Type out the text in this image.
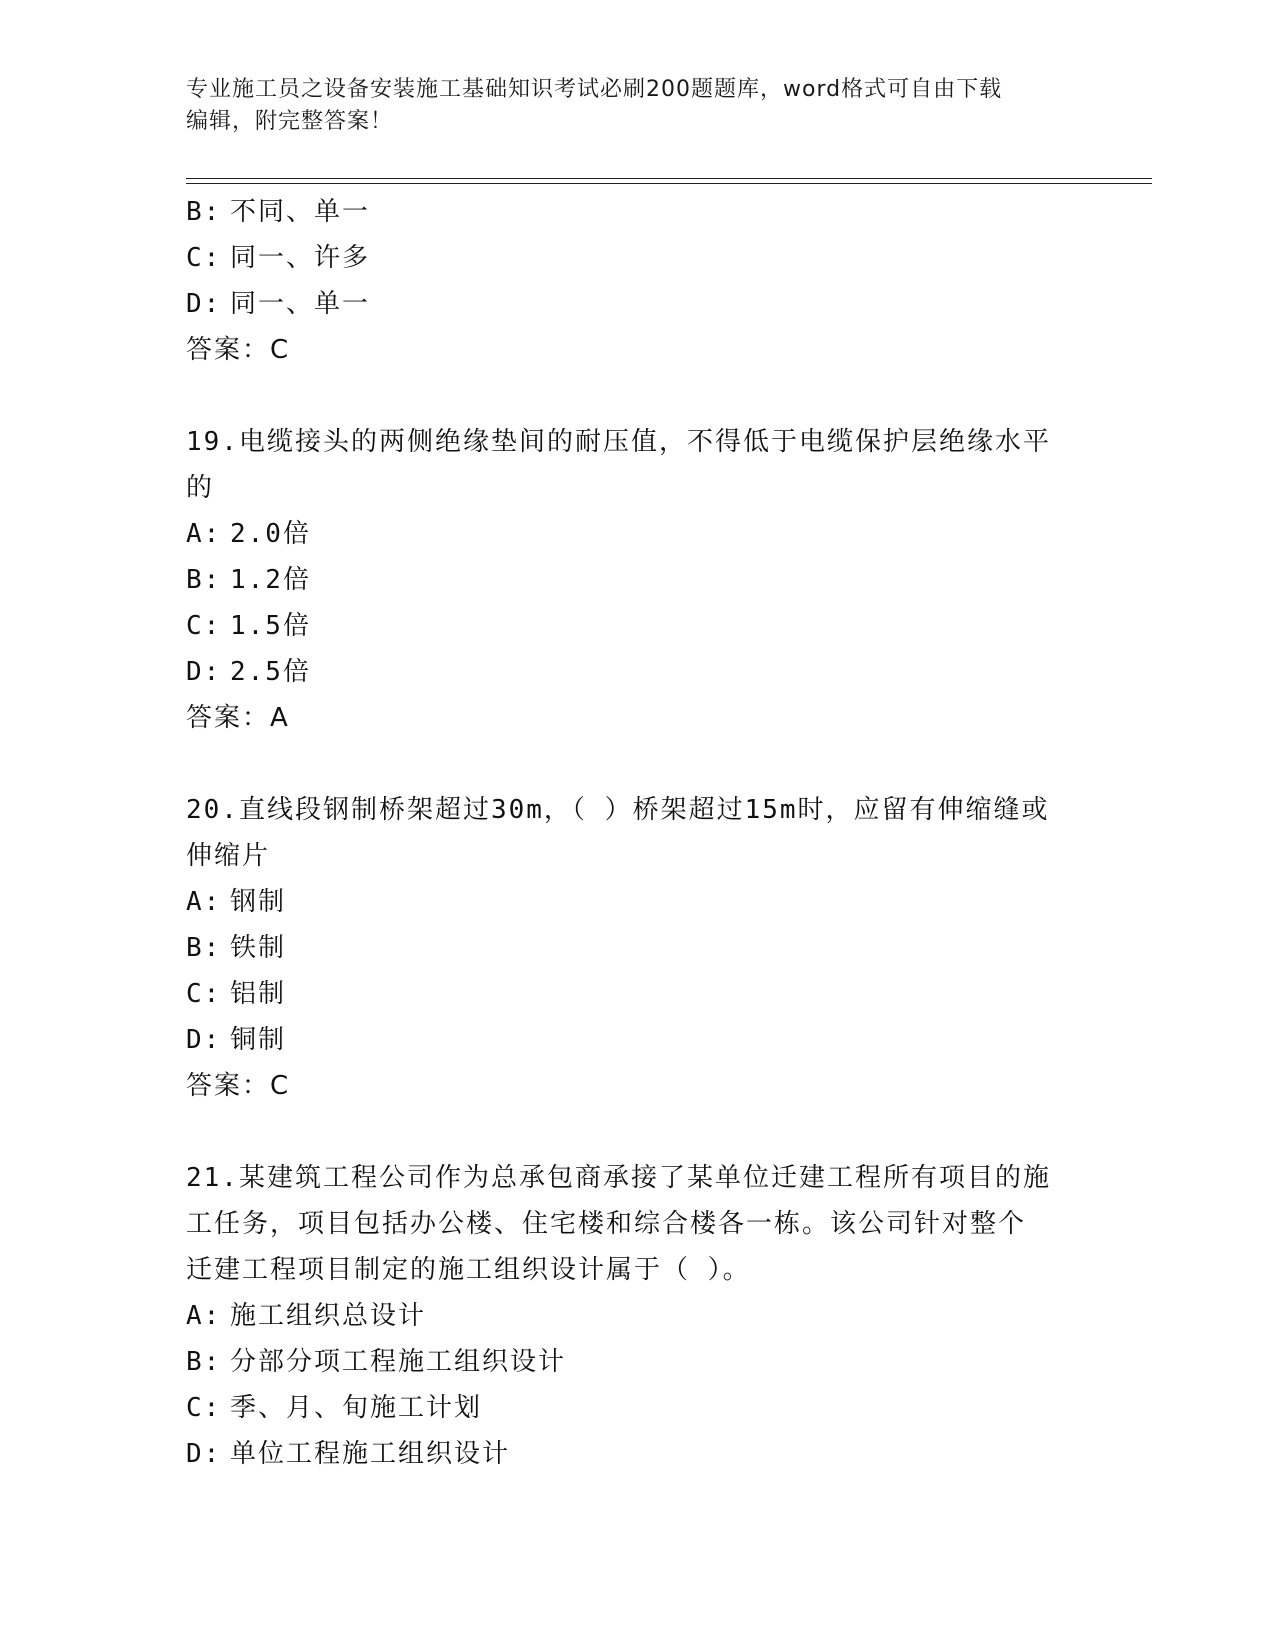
专业施工员之设备安装施工基础知识考试必刷200题题库，word格式可自由下载
编辑，附完整答案！
B: 不同、单一
C: 同一、许多
D: 同一、单一
答案：C
19.电缆接头的两侧绝缘垫间的耐压值，不得低于电缆保护层绝缘水平
的
A: 2.0倍
B: 1.2倍
C: 1.5倍
D: 2.5倍
答案：A
20.直线段钢制桥架超过30m，（ ）桥架超过15m时，应留有伸缩缝或
伸缩片
A: 钢制
B: 铁制
C: 铝制
D: 铜制
答案：C
21.某建筑工程公司作为总承包商承接了某单位迁建工程所有项目的施
工任务，项目包括办公楼、住宅楼和综合楼各一栋。该公司针对整个
迁建工程项目制定的施工组织设计属于（ ）。
A: 施工组织总设计
B: 分部分项工程施工组织设计
C: 季、月、旬施工计划
D: 单位工程施工组织设计
